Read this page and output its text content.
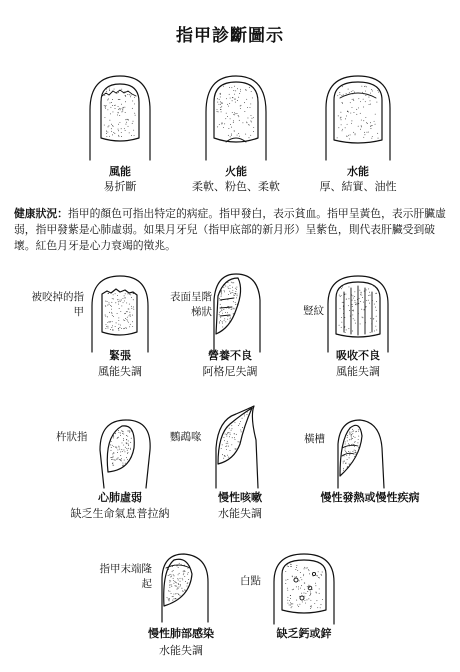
指甲診斷圖示
風能
易折斷
火能
柔軟、粉色、柔軟
水能
厚、結實、油性
健康狀況：指甲的顏色可指出特定的病症。指甲發白，表示貧血。指甲呈黃色，表示肝臟虛弱，指甲發紫是心肺虛弱。如果月牙兒（指甲底部的新月形）呈紫色，則代表肝臟受到破壞。紅色月牙是心力衰竭的徵兆。
被咬掉的指甲
緊張
風能失調
表面呈階梯狀
營養不良
阿格尼失調
豎紋
吸收不良
風能失調
杵狀指
心肺虛弱
缺乏生命氣息普拉納
鸚鵡喙
慢性咳嗽
水能失調
橫槽
慢性發熱或慢性疾病
指甲末端隆起
慢性肺部感染
水能失調
白點
缺乏鈣或鋅
